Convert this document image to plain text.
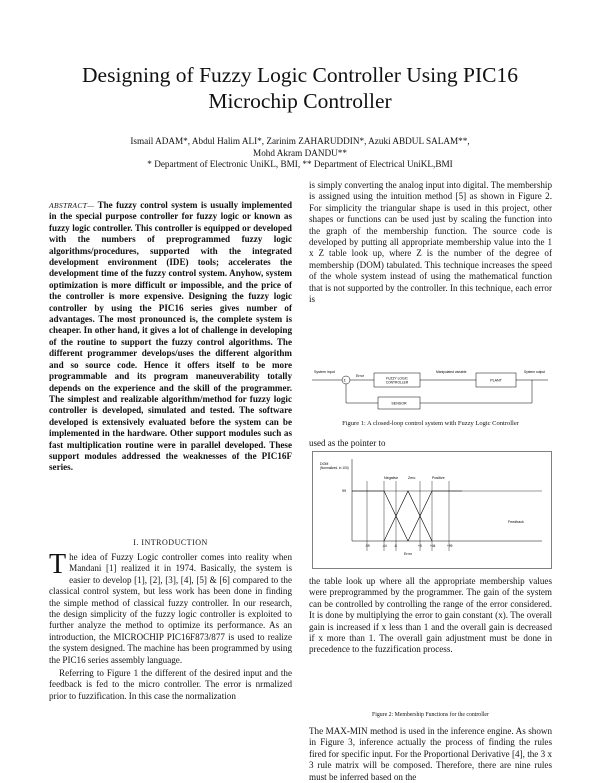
Designing of Fuzzy Logic Controller Using PIC16 Microchip Controller
Ismail ADAM*, Abdul Halim ALI*, Zarinim ZAHARUDDIN*, Azuki ABDUL SALAM**,
Mohd Akram DANDU**
* Department of Electronic UniKL, BMI, ** Department of Electrical UniKL,BMI
ABSTRACT— The fuzzy control system is usually implemented in the special purpose controller for fuzzy logic or known as fuzzy logic controller. This controller is equipped or developed with the numbers of preprogrammed fuzzy logic algorithms/procedures, supported with the integrated development environment (IDE) tools; accelerates the development time of the fuzzy control system. Anyhow, system optimization is more difficult or impossible, and the price of the controller is more expensive. Designing the fuzzy logic controller by using the PIC16 series gives number of advantages. The most pronounced is, the complete system is cheaper. In other hand, it gives a lot of challenge in developing of the routine to support the fuzzy control algorithms. The different programmer develops/uses the different algorithm and so source code. Hence it offers itself to be more programmable and its program maneuverability totally depends on the experience and the skill of the programmer. The simplest and realizable algorithm/method for fuzzy logic controller is developed, simulated and tested. The software developed is extensively evaluated before the system can be implemented in the hardware. Other support modules such as fast multiplication routine were in parallel developed. These support modules addressed the weaknesses of the PIC16F series.
I. INTRODUCTION

The idea of Fuzzy Logic controller comes into reality when Mandani [1] realized it in 1974. Basically, the system is easier to develop [1], [2], [3], [4], [5] & [6] compared to the classical control system, but less work has been done in finding the simple method of classical fuzzy controller. In our research, the design simplicity of the fuzzy logic controller is exploited to further analyze the method to optimize its performance. As an introduction, the MICROCHIP PIC16F873/877 is used to realize the system designed. The machine has been programmed by using the PIC16 series assembly language.

Referring to Figure 1 the different of the desired input and the feedback is fed to the micro controller. The error is nrmalized prior to fuzzification. In this case the normalization

is simply converting the analog input into digital. The membership is assigned using the intuition method [5] as shown in Figure 2. For simplicity the triangular shape is used in this project, other shapes or functions can be used just by scaling the function into the graph of the membership function. The source code is developed by putting all appropriate membership value into the 1 x Z table look up, where Z is the number of the degree of membership (DOM) tabulated. This technique increases the speed of the whole system instead of using the mathematical function that is not supported by the controller. In this technique, each error is
System input
Σ
Error
FUZZY LOGIC
CONTROLLER
Manipulated variable
PLANT
System output
SENSOR
Figure 1: A closed-loop control system with Fuzzy Logic Controller
used as the pointer to
DOM
(Normalized, in 100)
99
Negative	Zero	Positive
-99	-44 -8	+8	+44	+99
Error
Feedback
the table look up where all the appropriate membership values were preprogrammed by the programmer. The gain of the system can be controlled by controlling the range of the error considered. It is done by multiplying the error to gain constant (x). The overall gain is increased if x less than 1 and the overall gain is decreased if x more than 1. The overall gain adjustment must be done in precedence to the fuzzification process.
Figure 2: Membership Functions for the controller
The MAX-MIN method is used in the inference engine. As shown in Figure 3, inference actually the process of finding the rules fired for specific input. For the Proportional Derivative [4], the 3 x 3 rule matrix will be composed. Therefore, there are nine rules must be inferred based on the
